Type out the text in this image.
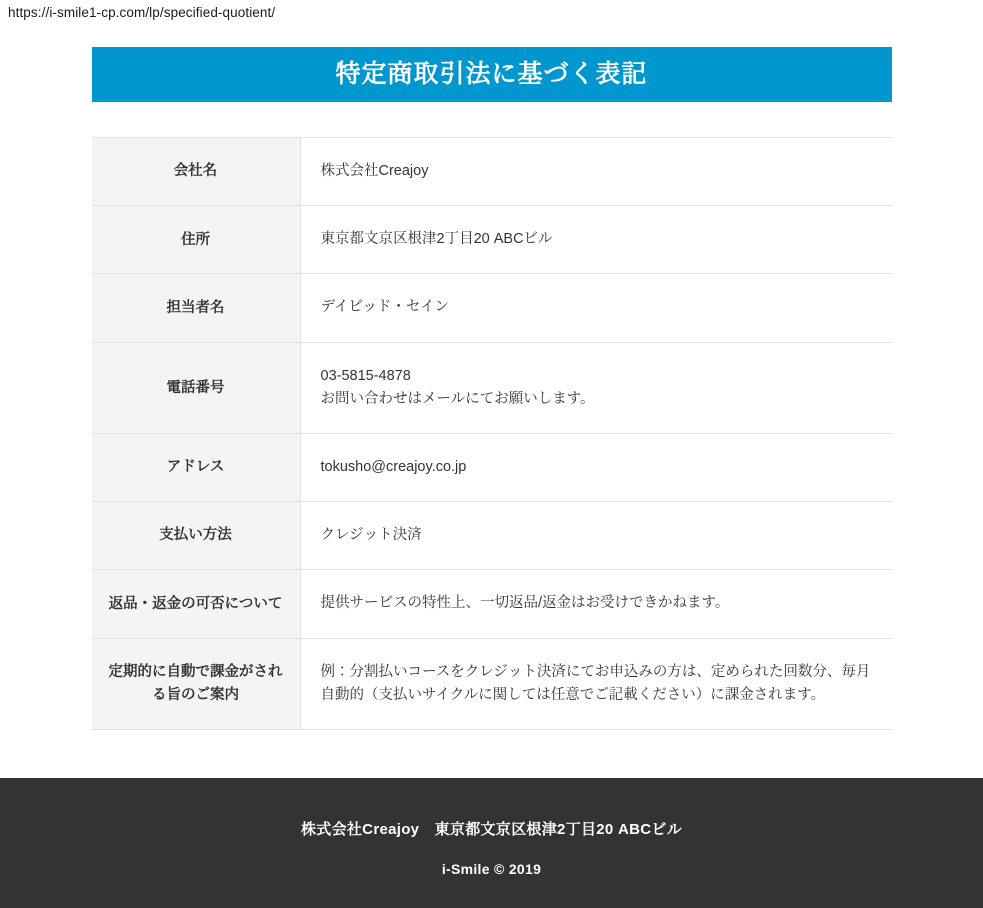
https://i-smile1-cp.com/lp/specified-quotient/
特定商取引法に基づく表記
会社名	株式会社Creajoy

住所	東京都文京区根津2丁目20 ABCビル

担当者名	デイビッド・セイン

電話番号	03-5815-4878
お問い合わせはメールにてお願いします。

アドレス	tokusho@creajoy.co.jp

支払い方法	クレジット決済

返品・返金の可否について	提供サービスの特性上、一切返品/返金はお受けできかねます。

定期的に自動で課金がされる旨のご案内	例：分割払いコースをクレジット決済にてお申込みの方は、定められた回数分、毎月自動的（支払いサイクルに関しては任意でご記載ください）に課金されます。
株式会社Creajoy　東京都文京区根津2丁目20 ABCビル
i-Smile © 2019
